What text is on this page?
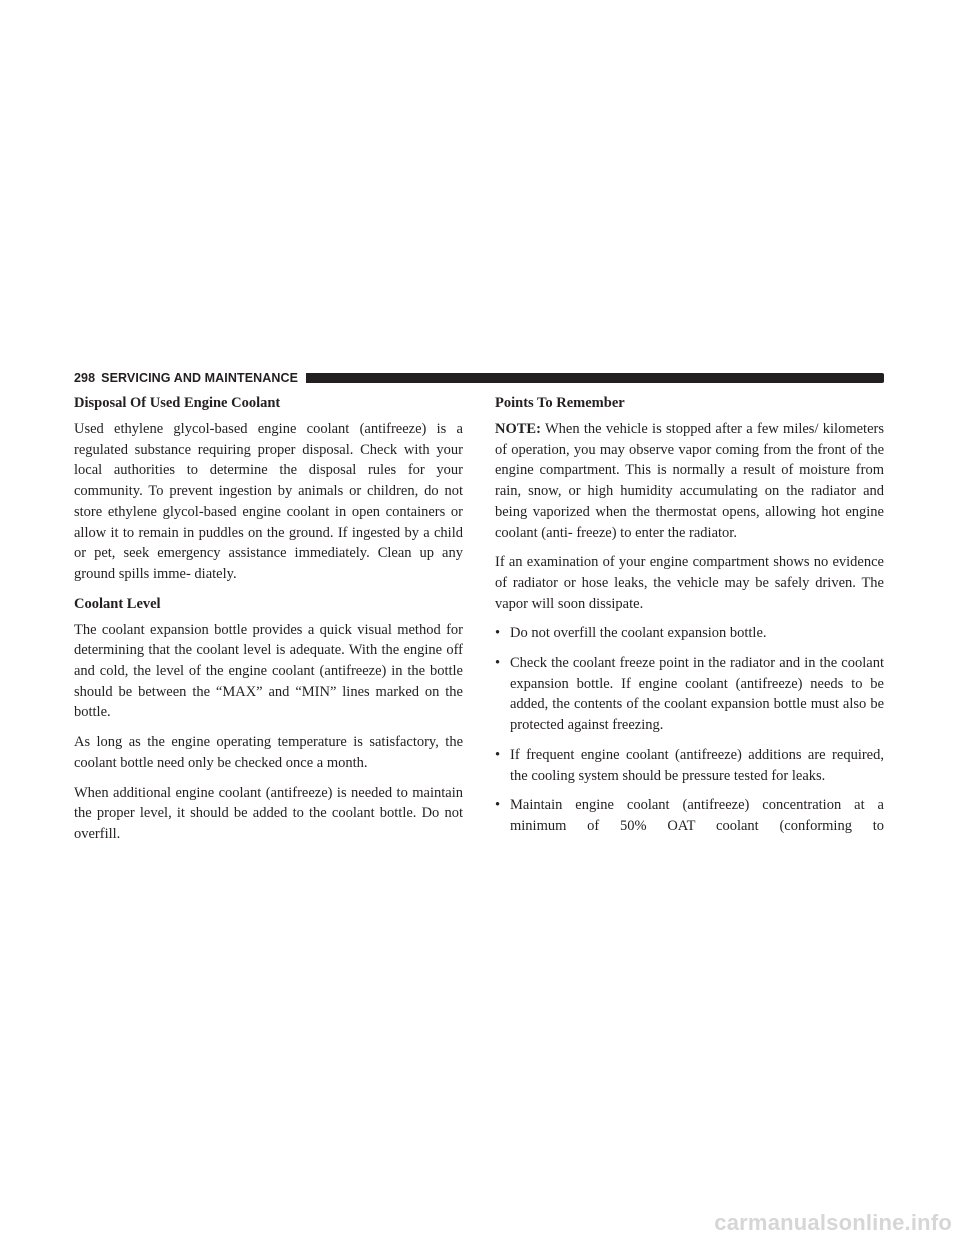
298 SERVICING AND MAINTENANCE
Disposal Of Used Engine Coolant

Used ethylene glycol-based engine coolant (antifreeze) is a regulated substance requiring proper disposal. Check with your local authorities to determine the disposal rules for your community. To prevent ingestion by animals or children, do not store ethylene glycol-based engine coolant in open containers or allow it to remain in puddles on the ground. If ingested by a child or pet, seek emergency assistance immediately. Clean up any ground spills imme- diately.

Coolant Level

The coolant expansion bottle provides a quick visual method for determining that the coolant level is adequate. With the engine off and cold, the level of the engine coolant (antifreeze) in the bottle should be between the “MAX” and “MIN” lines marked on the bottle.

As long as the engine operating temperature is satisfactory, the coolant bottle need only be checked once a month.

When additional engine coolant (antifreeze) is needed to maintain the proper level, it should be added to the coolant bottle. Do not overfill.

Points To Remember

NOTE: When the vehicle is stopped after a few miles/ kilometers of operation, you may observe vapor coming from the front of the engine compartment. This is normally a result of moisture from rain, snow, or high humidity accumulating on the radiator and being vaporized when the thermostat opens, allowing hot engine coolant (anti- freeze) to enter the radiator.

If an examination of your engine compartment shows no evidence of radiator or hose leaks, the vehicle may be safely driven. The vapor will soon dissipate.

• Do not overfill the coolant expansion bottle.
• Check the coolant freeze point in the radiator and in the coolant expansion bottle. If engine coolant (antifreeze) needs to be added, the contents of the coolant expansion bottle must also be protected against freezing.
• If frequent engine coolant (antifreeze) additions are required, the cooling system should be pressure tested for leaks.
• Maintain engine coolant (antifreeze) concentration at a minimum of 50% OAT coolant (conforming to
carmanualsonline.info
